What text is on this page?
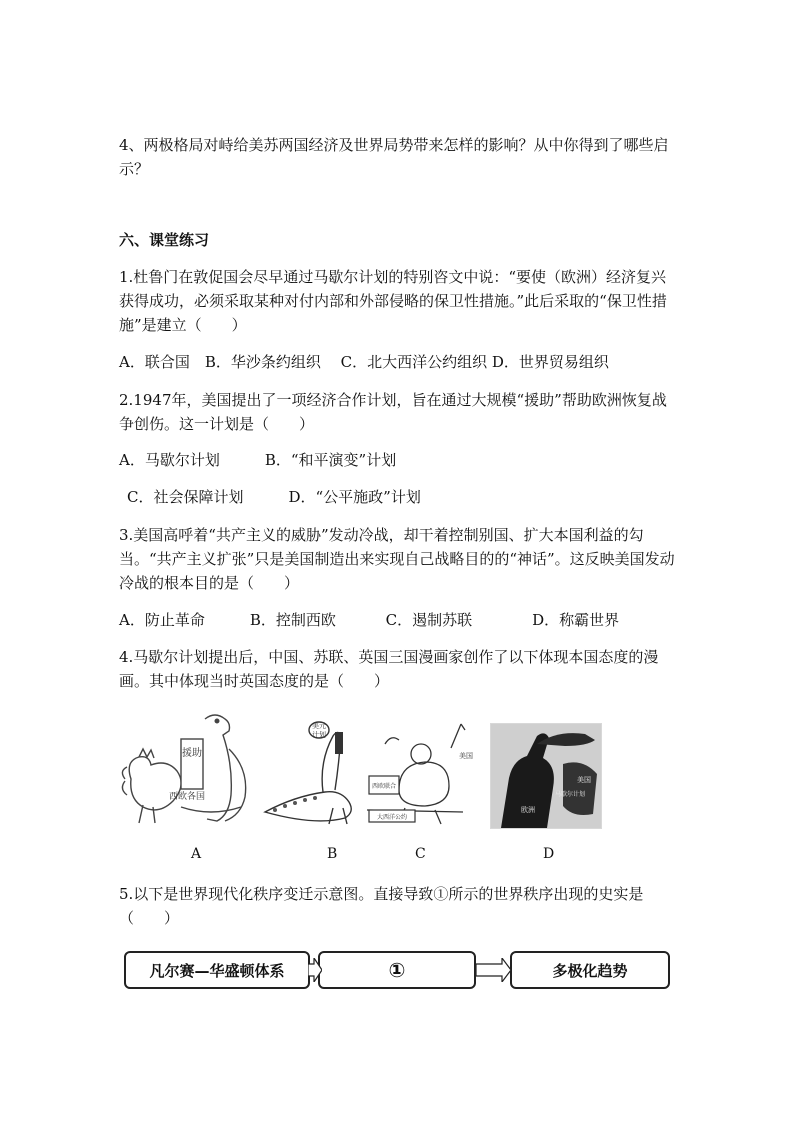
4、两极格局对峙给美苏两国经济及世界局势带来怎样的影响？从中你得到了哪些启示？

六、课堂练习

1.杜鲁门在敦促国会尽早通过马歇尔计划的特别咨文中说：“要使（欧洲）经济复兴获得成功，必须采取某种对付内部和外部侵略的保卫性措施。”此后采取的“保卫性措施”是建立（　　）

A．联合国　B．华沙条约组织　 C．北大西洋公约组织 D．世界贸易组织

2.1947年，美国提出了一项经济合作计划，旨在通过大规模“援助”帮助欧洲恢复战争创伤。这一计划是（　　）

A．马歇尔计划　　　B．“和平演变”计划

C．社会保障计划　　　D．“公平施政”计划

3.美国高呼着“共产主义的威胁”发动冷战，却干着控制别国、扩大本国利益的勾当。“共产主义扩张”只是美国制造出来实现自己战略目的的“神话”。这反映美国发动冷战的根本目的是（　　）

A．防止革命　　　B．控制西欧　　　 C．遏制苏联　　　　D．称霸世界

4.马歇尔计划提出后，中国、苏联、英国三国漫画家创作了以下体现本国态度的漫画。其中体现当时英国态度的是（　　）

援助
西欧各国
美元
计划
美国
西欧联合
大西洋公约
美国
马歇尔计划
欧洲
A	B	C	D

5.以下是世界现代化秩序变迁示意图。直接导致①所示的世界秩序出现的史实是（　　）

凡尔赛—华盛顿体系	①	多极化趋势
